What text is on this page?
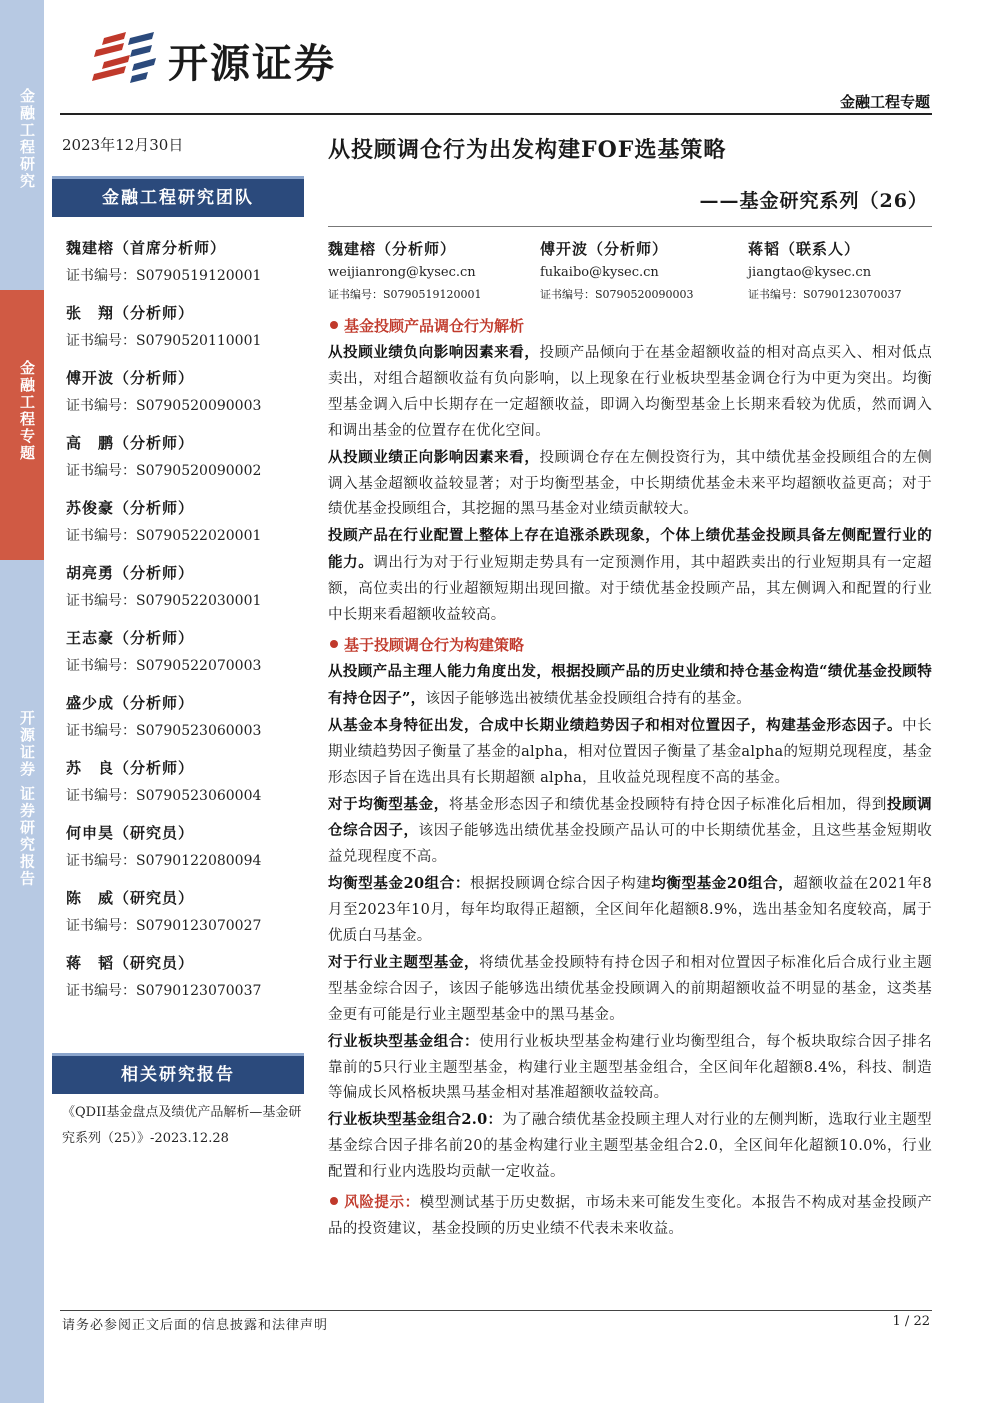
金融工程研究
金融工程专题
开源证券 证券研究报告
开源证券
金融工程专题
2023年12月30日
金融工程研究团队
魏建榕（首席分析师）
证书编号：S0790519120001
张　翔（分析师）
证书编号：S0790520110001
傅开波（分析师）
证书编号：S0790520090003
高　鹏（分析师）
证书编号：S0790520090002
苏俊豪（分析师）
证书编号：S0790522020001
胡亮勇（分析师）
证书编号：S0790522030001
王志豪（分析师）
证书编号：S0790522070003
盛少成（分析师）
证书编号：S0790523060003
苏　良（分析师）
证书编号：S0790523060004
何申昊（研究员）
证书编号：S0790122080094
陈　威（研究员）
证书编号：S0790123070027
蒋　韬（研究员）
证书编号：S0790123070037
相关研究报告
《QDII基金盘点及绩优产品解析—基金研究系列（25）》-2023.12.28
从投顾调仓行为出发构建FOF选基策略
——基金研究系列（26）
魏建榕（分析师）
weijianrong@kysec.cn
证书编号：S0790519120001
傅开波（分析师）
fukaibo@kysec.cn
证书编号：S0790520090003
蒋韬（联系人）
jiangtao@kysec.cn
证书编号：S0790123070037
基金投顾产品调仓行为解析

从投顾业绩负向影响因素来看，投顾产品倾向于在基金超额收益的相对高点买入、相对低点卖出，对组合超额收益有负向影响，以上现象在行业板块型基金调仓行为中更为突出。均衡型基金调入后中长期存在一定超额收益，即调入均衡型基金上长期来看较为优质，然而调入和调出基金的位置存在优化空间。

从投顾业绩正向影响因素来看，投顾调仓存在左侧投资行为，其中绩优基金投顾组合的左侧调入基金超额收益较显著；对于均衡型基金，中长期绩优基金未来平均超额收益更高；对于绩优基金投顾组合，其挖掘的黑马基金对业绩贡献较大。

投顾产品在行业配置上整体上存在追涨杀跌现象，个体上绩优基金投顾具备左侧配置行业的能力。调出行为对于行业短期走势具有一定预测作用，其中超跌卖出的行业短期具有一定超额，高位卖出的行业超额短期出现回撤。对于绩优基金投顾产品，其左侧调入和配置的行业中长期来看超额收益较高。

基于投顾调仓行为构建策略

从投顾产品主理人能力角度出发，根据投顾产品的历史业绩和持仓基金构造“绩优基金投顾特有持仓因子”，该因子能够选出被绩优基金投顾组合持有的基金。

从基金本身特征出发，合成中长期业绩趋势因子和相对位置因子，构建基金形态因子。中长期业绩趋势因子衡量了基金的alpha，相对位置因子衡量了基金alpha的短期兑现程度，基金形态因子旨在选出具有长期超额 alpha，且收益兑现程度不高的基金。

对于均衡型基金，将基金形态因子和绩优基金投顾特有持仓因子标准化后相加，得到投顾调仓综合因子，该因子能够选出绩优基金投顾产品认可的中长期绩优基金，且这些基金短期收益兑现程度不高。

均衡型基金20组合：根据投顾调仓综合因子构建均衡型基金20组合，超额收益在2021年8月至2023年10月，每年均取得正超额，全区间年化超额8.9%，选出基金知名度较高，属于优质白马基金。

对于行业主题型基金，将绩优基金投顾特有持仓因子和相对位置因子标准化后合成行业主题型基金综合因子，该因子能够选出绩优基金投顾调入的前期超额收益不明显的基金，这类基金更有可能是行业主题型基金中的黑马基金。

行业板块型基金组合：使用行业板块型基金构建行业均衡型组合，每个板块取综合因子排名靠前的5只行业主题型基金，构建行业主题型基金组合，全区间年化超额8.4%，科技、制造等偏成长风格板块黑马基金相对基准超额收益较高。

行业板块型基金组合2.0：为了融合绩优基金投顾主理人对行业的左侧判断，选取行业主题型基金综合因子排名前20的基金构建行业主题型基金组合2.0，全区间年化超额10.0%，行业配置和行业内选股均贡献一定收益。

风险提示：模型测试基于历史数据，市场未来可能发生变化。本报告不构成对基金投顾产品的投资建议，基金投顾的历史业绩不代表未来收益。

请务必参阅正文后面的信息披露和法律声明	1 / 22
